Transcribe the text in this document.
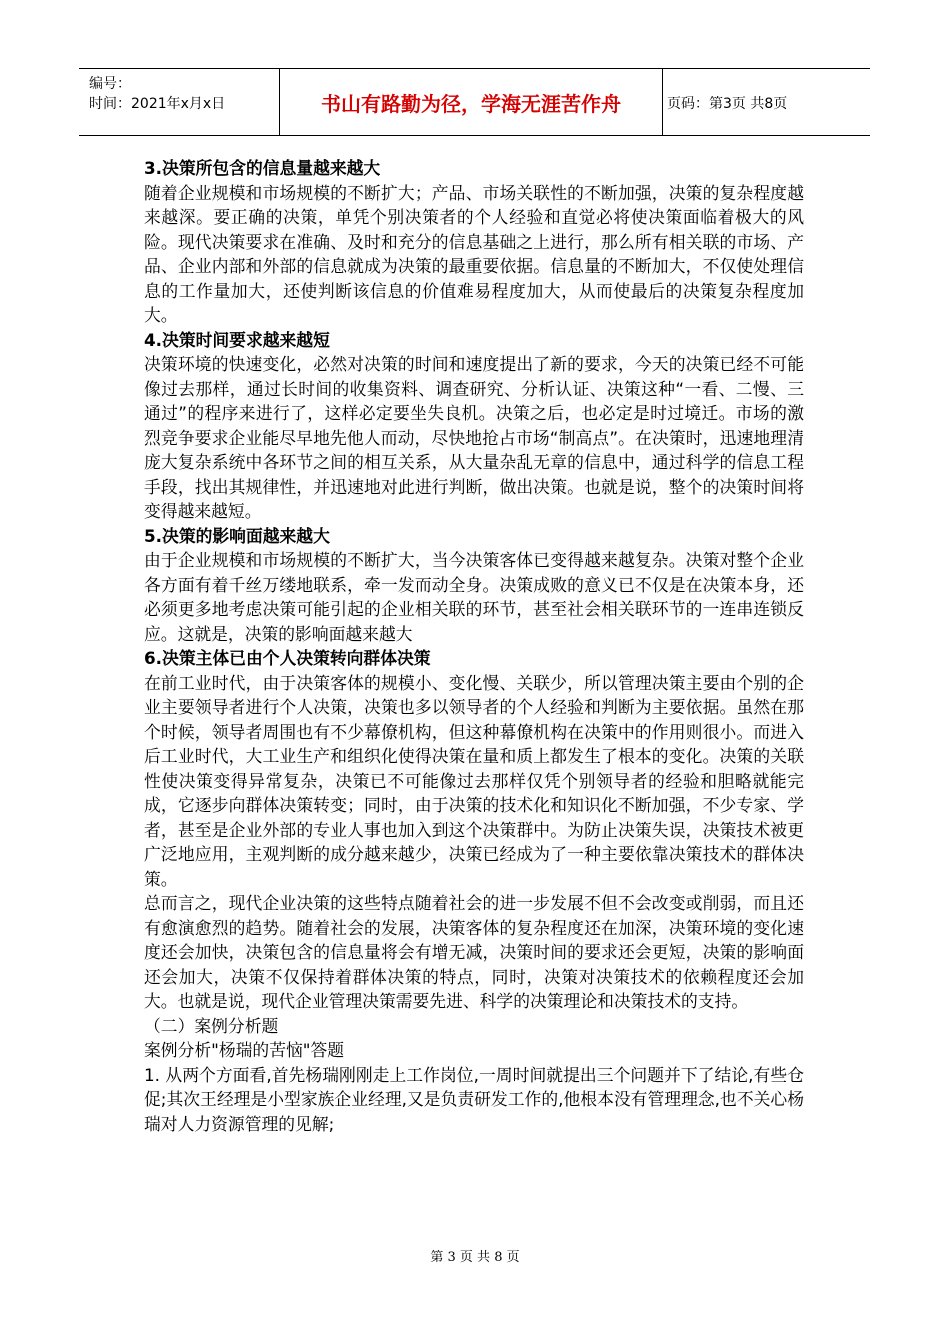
编号：
时间：2021年x月x日	书山有路勤为径，学海无涯苦作舟	页码：第3页 共8页

3.决策所包含的信息量越来越大

随着企业规模和市场规模的不断扩大；产品、市场关联性的不断加强，决策的复杂程度越来越深。要正确的决策，单凭个别决策者的个人经验和直觉必将使决策面临着极大的风险。现代决策要求在准确、及时和充分的信息基础之上进行，那么所有相关联的市场、产品、企业内部和外部的信息就成为决策的最重要依据。信息量的不断加大，不仅使处理信息的工作量加大，还使判断该信息的价值难易程度加大，从而使最后的决策复杂程度加大。

4.决策时间要求越来越短

决策环境的快速变化，必然对决策的时间和速度提出了新的要求，今天的决策已经不可能像过去那样，通过长时间的收集资料、调查研究、分析认证、决策这种“一看、二慢、三通过”的程序来进行了，这样必定要坐失良机。决策之后，也必定是时过境迁。市场的激烈竞争要求企业能尽早地先他人而动，尽快地抢占市场“制高点”。在决策时，迅速地理清庞大复杂系统中各环节之间的相互关系，从大量杂乱无章的信息中，通过科学的信息工程手段，找出其规律性，并迅速地对此进行判断，做出决策。也就是说，整个的决策时间将变得越来越短。

5.决策的影响面越来越大

由于企业规模和市场规模的不断扩大，当今决策客体已变得越来越复杂。决策对整个企业各方面有着千丝万缕地联系，牵一发而动全身。决策成败的意义已不仅是在决策本身，还必须更多地考虑决策可能引起的企业相关联的环节，甚至社会相关联环节的一连串连锁反应。这就是，决策的影响面越来越大

6.决策主体已由个人决策转向群体决策

在前工业时代，由于决策客体的规模小、变化慢、关联少，所以管理决策主要由个别的企业主要领导者进行个人决策，决策也多以领导者的个人经验和判断为主要依据。虽然在那个时候，领导者周围也有不少幕僚机构，但这种幕僚机构在决策中的作用则很小。而进入后工业时代，大工业生产和组织化使得决策在量和质上都发生了根本的变化。决策的关联性使决策变得异常复杂，决策已不可能像过去那样仅凭个别领导者的经验和胆略就能完成，它逐步向群体决策转变；同时，由于决策的技术化和知识化不断加强，不少专家、学者，甚至是企业外部的专业人事也加入到这个决策群中。为防止决策失误，决策技术被更广泛地应用，主观判断的成分越来越少，决策已经成为了一种主要依靠决策技术的群体决策。

总而言之，现代企业决策的这些特点随着社会的进一步发展不但不会改变或削弱，而且还有愈演愈烈的趋势。随着社会的发展，决策客体的复杂程度还在加深，决策环境的变化速度还会加快，决策包含的信息量将会有增无减，决策时间的要求还会更短，决策的影响面还会加大，决策不仅保持着群体决策的特点，同时，决策对决策技术的依赖程度还会加大。也就是说，现代企业管理决策需要先进、科学的决策理论和决策技术的支持。

（二）案例分析题

案例分析"杨瑞的苦恼"答题

1. 从两个方面看,首先杨瑞刚刚走上工作岗位,一周时间就提出三个问题并下了结论,有些仓促;其次王经理是小型家族企业经理,又是负责研发工作的,他根本没有管理理念,也不关心杨瑞对人力资源管理的见解;

第 3 页 共 8 页
